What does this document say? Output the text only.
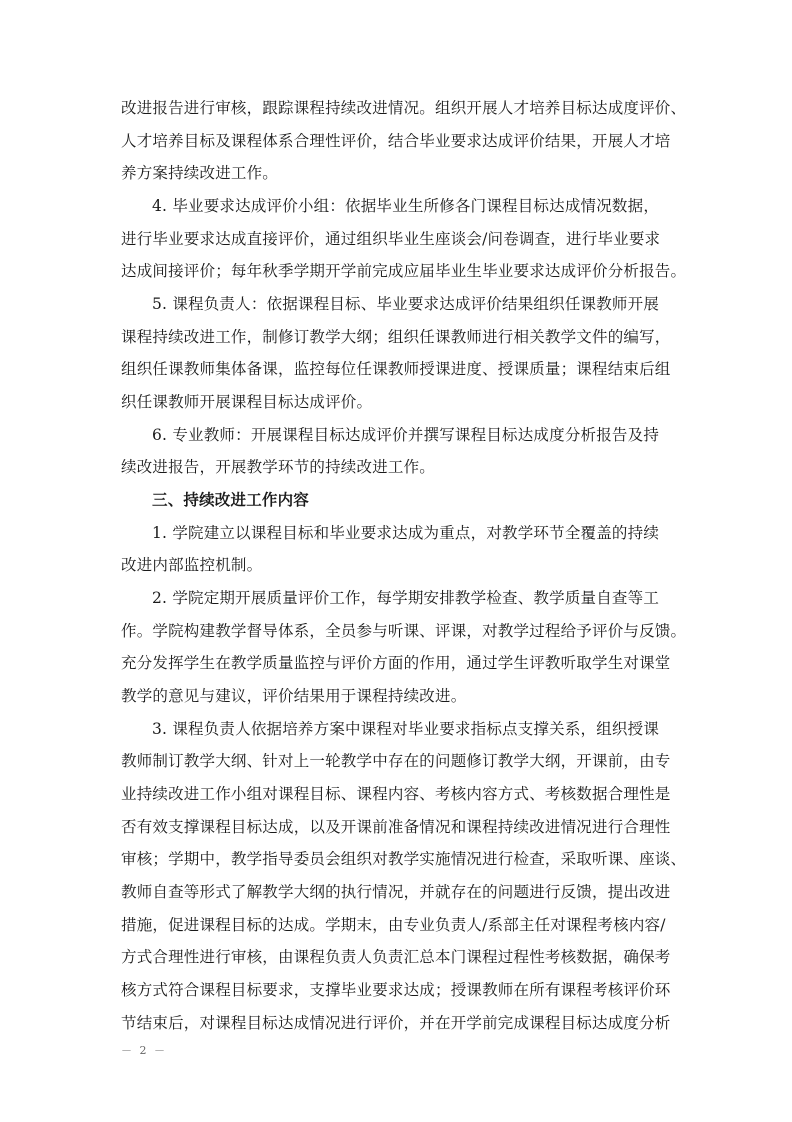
改进报告进行审核，跟踪课程持续改进情况。组织开展人才培养目标达成度评价、
人才培养目标及课程体系合理性评价，结合毕业要求达成评价结果，开展人才培
养方案持续改进工作。
4. 毕业要求达成评价小组：依据毕业生所修各门课程目标达成情况数据，
进行毕业要求达成直接评价，通过组织毕业生座谈会/问卷调查，进行毕业要求
达成间接评价；每年秋季学期开学前完成应届毕业生毕业要求达成评价分析报告。
5. 课程负责人：依据课程目标、毕业要求达成评价结果组织任课教师开展
课程持续改进工作，制修订教学大纲；组织任课教师进行相关教学文件的编写，
组织任课教师集体备课，监控每位任课教师授课进度、授课质量；课程结束后组
织任课教师开展课程目标达成评价。
6. 专业教师：开展课程目标达成评价并撰写课程目标达成度分析报告及持
续改进报告，开展教学环节的持续改进工作。
三、持续改进工作内容
1. 学院建立以课程目标和毕业要求达成为重点，对教学环节全覆盖的持续
改进内部监控机制。
2. 学院定期开展质量评价工作，每学期安排教学检查、教学质量自查等工
作。学院构建教学督导体系，全员参与听课、评课，对教学过程给予评价与反馈。
充分发挥学生在教学质量监控与评价方面的作用，通过学生评教听取学生对课堂
教学的意见与建议，评价结果用于课程持续改进。
3. 课程负责人依据培养方案中课程对毕业要求指标点支撑关系，组织授课
教师制订教学大纲、针对上一轮教学中存在的问题修订教学大纲，开课前，由专
业持续改进工作小组对课程目标、课程内容、考核内容方式、考核数据合理性是
否有效支撑课程目标达成，以及开课前准备情况和课程持续改进情况进行合理性
审核；学期中，教学指导委员会组织对教学实施情况进行检查，采取听课、座谈、
教师自查等形式了解教学大纲的执行情况，并就存在的问题进行反馈，提出改进
措施，促进课程目标的达成。学期末，由专业负责人/系部主任对课程考核内容/
方式合理性进行审核，由课程负责人负责汇总本门课程过程性考核数据，确保考
核方式符合课程目标要求，支撑毕业要求达成；授课教师在所有课程考核评价环
节结束后，对课程目标达成情况进行评价，并在开学前完成课程目标达成度分析
－ 2 －
